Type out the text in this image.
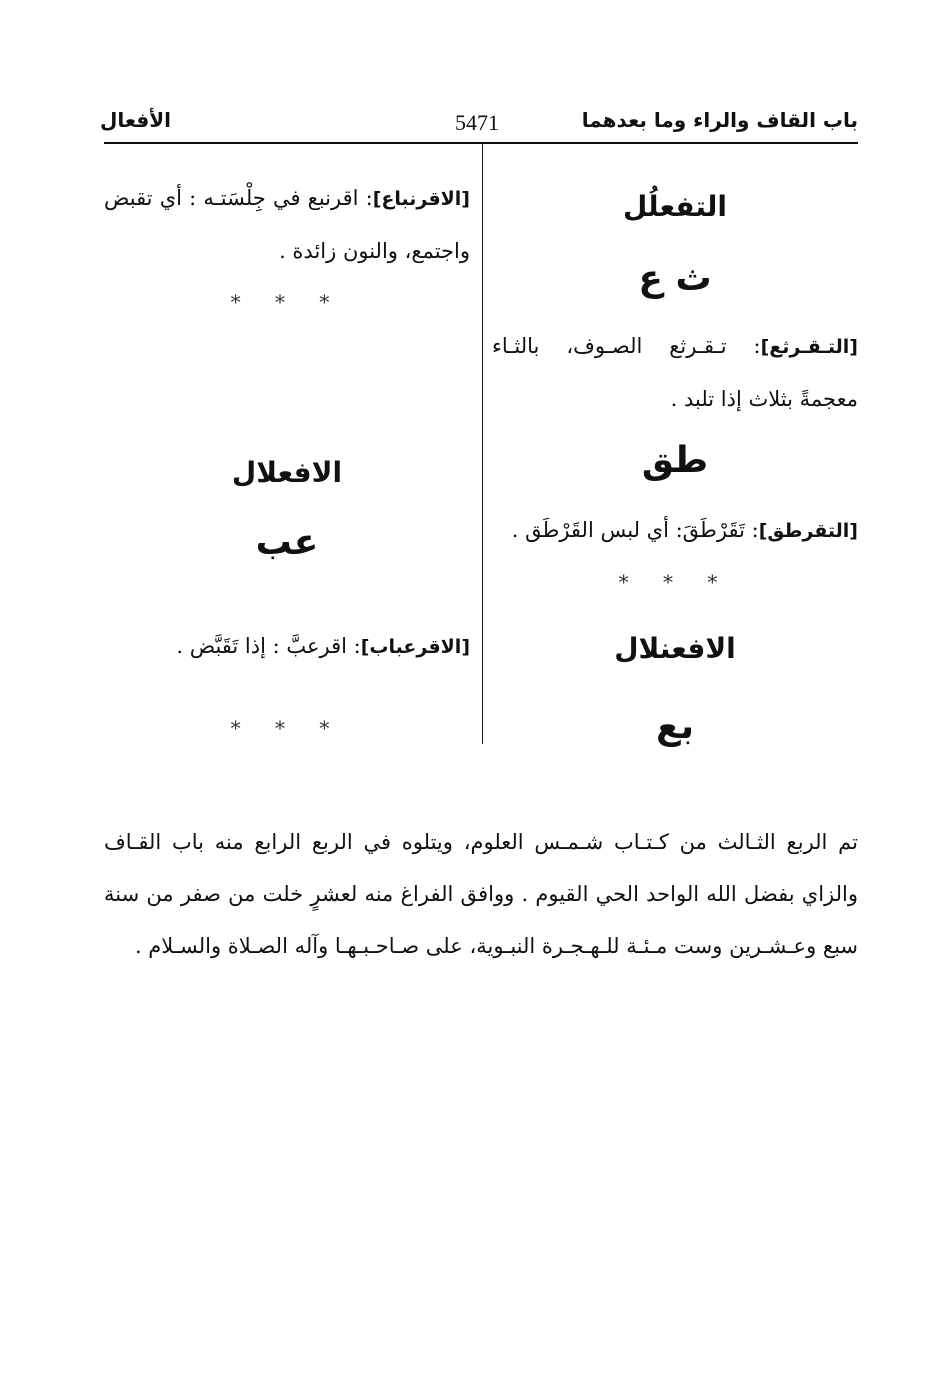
باب القاف والراء وما بعدهما
5471
الأفعال
التفعلُل
ث ع
[التـقـرثع]: تـقـرثع الصـوف، بالثـاء معجمةً بثلاث إذا تلبد .
طق
[التقرطق]: تَقَرْطَقَ: أي لبس القَرْطَق .
* * *
الافعنلال
بع
[الاقرنباع]: اقرنبع في جِلْسَتـه : أي تقبض واجتمع، والنون زائدة .
* * *
الافعلال
عب
[الاقرعباب]: اقرعبَّ : إذا تَقَبَّض .
* * *
تم الربع الثـالث من كـتـاب شـمـس العلوم، ويتلوه في الربع الرابع منه باب القـاف والزاي بفضل الله الواحد الحي القيوم . ووافق الفراغ منه لعشرٍ خلت من صفر من سنة سبع وعـشـرين وست مـئـة للـهـجـرة النبـوية، على صـاحـبـهـا وآله الصـلاة والسـلام .
